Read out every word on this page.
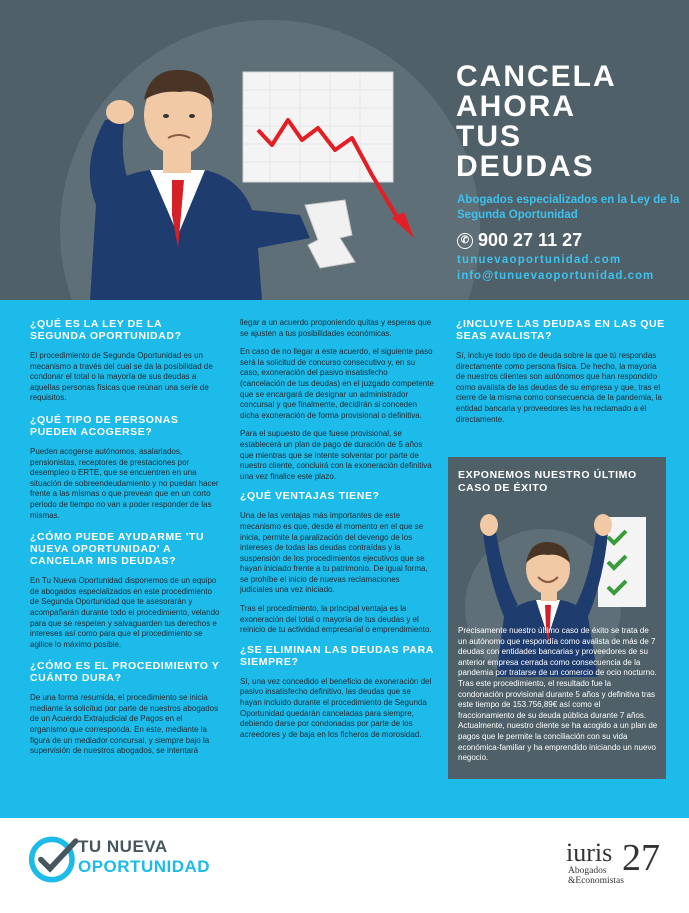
CANCELA
AHORA
TUS
DEUDAS
Abogados especializados en la Ley de la Segunda Oportunidad
✆ 900 27 11 27
tunuevaoportunidad.com
info@tunuevaoportunidad.com
¿QUÉ ES LA LEY DE LA SEGUNDA OPORTUNIDAD?

El procedimiento de Segunda Oportunidad es un mecanismo a través del cual se da la posibilidad de condonar el total o la mayoría de sus deudas a aquellas personas físicas que reúnan una serie de requisitos.

¿QUÉ TIPO DE PERSONAS PUEDEN ACOGERSE?

Pueden acogerse autónomos, asalariados, pensionistas, receptores de prestaciones por desempleo o ERTE, que se encuentren en una situación de sobreendeudamiento y no puedan hacer frente a las mismas o que prevean que en un corto periodo de tiempo no van a poder responder de las mismas.

¿CÓMO PUEDE AYUDARME 'TU NUEVA OPORTUNIDAD' A CANCELAR MIS DEUDAS?

En Tu Nueva Oportunidad disponemos de un equipo de abogados especializados en este procedimiento de Segunda Oportunidad que te asesorarán y acompañarán durante todo el procedimiento, velando para que se respeten y salvaguarden tus derechos e intereses así como para que el procedimiento se agilice lo máximo posible.

¿CÓMO ES EL PROCEDIMIENTO Y CUÁNTO DURA?

De una forma resumida, el procedimiento se inicia mediante la solicitud por parte de nuestros abogados de un Acuerdo Extrajudicial de Pagos en el organismo que corresponda. En este, mediante la figura de un mediador concursal, y siempre bajo la supervisión de nuestros abogados, se intentará

llegar a un acuerdo proponiendo quitas y esperas que se ajusten a tus posibilidades económicas.

En caso de no llegar a este acuerdo, el siguiente paso será la solicitud de concurso consecutivo y, en su caso, exoneración del pasivo insatisfecho (cancelación de tus deudas) en el juzgado competente que se encargará de designar un administrador concursal y que finalmente, decidirán si conceden dicha exoneración de forma provisional o definitiva.

Para el supuesto de que fuese provisional, se establecerá un plan de pago de duración de 5 años que mientras que se intente solventar por parte de nuestro cliente, concluirá con la exoneración definitiva una vez finalice este plazo.

¿QUÉ VENTAJAS TIENE?

Una de las ventajas más importantes de este mecanismo es que, desde el momento en el que se inicia, permite la paralización del devengo de los intereses de todas las deudas contraídas y la suspensión de los procedimientos ejecutivos que se hayan iniciado frente a tu patrimonio. De igual forma, se prohíbe el inicio de nuevas reclamaciones judiciales una vez iniciado.

Tras el procedimiento, la principal ventaja es la exoneración del total o mayoría de tus deudas y el reinicio de tu actividad empresarial o emprendimiento.

¿SE ELIMINAN LAS DEUDAS PARA SIEMPRE?

Sí, una vez concedido el beneficio de exoneración del pasivo insatisfecho definitivo, las deudas que se hayan incluido durante el procedimiento de Segunda Oportunidad quedarán canceladas para siempre, debiendo darse por condonadas por parte de los acreedores y de baja en los ficheros de morosidad.

¿INCLUYE LAS DEUDAS EN LAS QUE SEAS AVALISTA?

Sí, incluye todo tipo de deuda sobre la que tú respondas directamente como persona física. De hecho, la mayoría de nuestros clientes son autónomos que han respondido como avalista de las deudas de su empresa y que, tras el cierre de la misma como consecuencia de la pandemia, la entidad bancaria y proveedores les ha reclamado a él directamente.

EXPONEMOS NUESTRO ÚLTIMO CASO DE ÉXITO

Precisamente nuestro último caso de éxito se trata de un autónomo que respondía como avalista de más de 7 deudas con entidades bancarias y proveedores de su anterior empresa cerrada como consecuencia de la pandemia por tratarse de un comercio de ocio nocturno. Tras este procedimiento, el resultado fue la condonación provisional durante 5 años y definitiva tras este tiempo de 153.756,89€ así como el fraccionamiento de su deuda pública durante 7 años. Actualmente, nuestro cliente se ha acogido a un plan de pagos que le permite la conciliación con su vida económica-familiar y ha emprendido iniciando un nuevo negocio.

TU NUEVA
OPORTUNIDAD	iuris 27
Abogados
&Economistas
